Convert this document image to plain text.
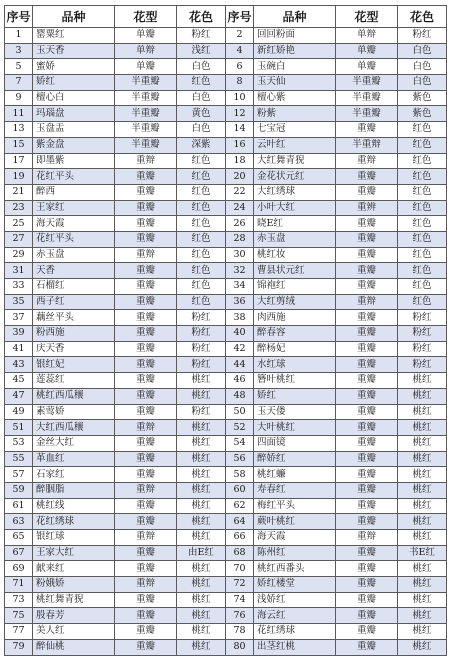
序号	品种	花型	花色	序号	品种	花型	花色
1	罂粟红	单瓣	粉红	2	回回粉面	单辩	粉红
3	玉天香	单辩	浅红	4	新红娇艳	单瓣	白色
5	蜜娇	单瓣	白色	6	玉碗白	单瓣	白色
7	娇红	半重瓣	红色	8	玉天仙	半重瓣	白色
9	檀心白	半重瓣	白色	10	檀心紫	半重瓣	紫色
11	玛瑙盘	半重瓣	黄色	12	粉紫	半重瓣	紫色
13	玉盘盂	半重瓣	白色	14	七宝冠	重瓣	红色
15	紫金盘	半重瓣	深紫	16	云叶红	半重辩	红色
17	即墨紫	重辩	红色	18	大红舞青猊	重辩	红色
19	花红平头	重瓣	红色	20	金花状元红	重瓣	红色
21	醉西	重瓣	红色	22	大红绣球	重瓣	红色
23	王家红	重瓣	红色	24	小叶大红	重辨	红色
25	海天霞	重瓣	红色	26	晓E红	重瓣	红色
27	花红平头	重瓣	红色	28	赤玉盘	重瓣	红色
29	赤玉盘	重辩	红色	30	桃红妆	重瓣	红色
31	天香	重瓣	红色	32	曹县状元红	重瓣	红色
33	石榴红	重瓣	红色	34	锦袍红	重瓣	红色
35	西子红	重瓣	红色	36	大红剪绒	重辩	红色
37	藕丝平头	重瓣	粉红	38	肉西施	重瓣	粉红
39	粉西施	重瓣	粉红	40	醉春容	重瓣	粉红
41	庆天香	重瓣	粉红	42	醉杨妃	重瓣	粉红
43	银红妃	重瓣	粉红	44	水红球	重瓣	粉红
45	莲蕊红	重瓣	桃红	46	簪叶桃红	重瓣	桃红
47	桃红西瓜穰	重瓣	桃红	48	娇红	重瓣	桃红
49	素莺娇	重瓣	粉红	50	玉天偻	重瓣	桃红
51	大红西瓜穰	重辩	桃红	52	大叶桃红	重瓣	桃红
53	金丝大红	重瓣	桃红	54	四面镜	重瓣	桃红
55	革血红	重瓣	桃红	56	醉娇红	重瓣	桃红
57	石家红	重瓣	桃红	58	桃红蠊	重瓣	桃红
59	醉胭脂	重辩	桃红	60	寿春红	重瓣	桃红
61	桃红线	重瓣	桃红	62	梅红平头	重瓣	桃红
63	花红绣球	重瓣	桃红	64	蕨叶桃红	重瓣	桃红
65	银红球	重辩	桃红	66	海天霞	重辩	桃红
67	王家大红	重瓣	由E红	68	陈州红	重瓣	书E红
69	献来红	重瓣	桃红	70	桃红西番头	重瓣	桃红
71	粉娥娇	重辩	桃红	72	娇红楼堂	重瓣	桃红
73	桃红舞青猊	重瓣	桃红	74	浅娇红	重瓣	桃红
75	殷春芳	重瓣	桃红	76	海云红	重瓣	桃红
77	美人红	重瓣	桃红	78	花红绣球	重瓣	桃红
79	醉仙桃	重瓣	桃红	80	出茎红桃	重瓣	桃红
